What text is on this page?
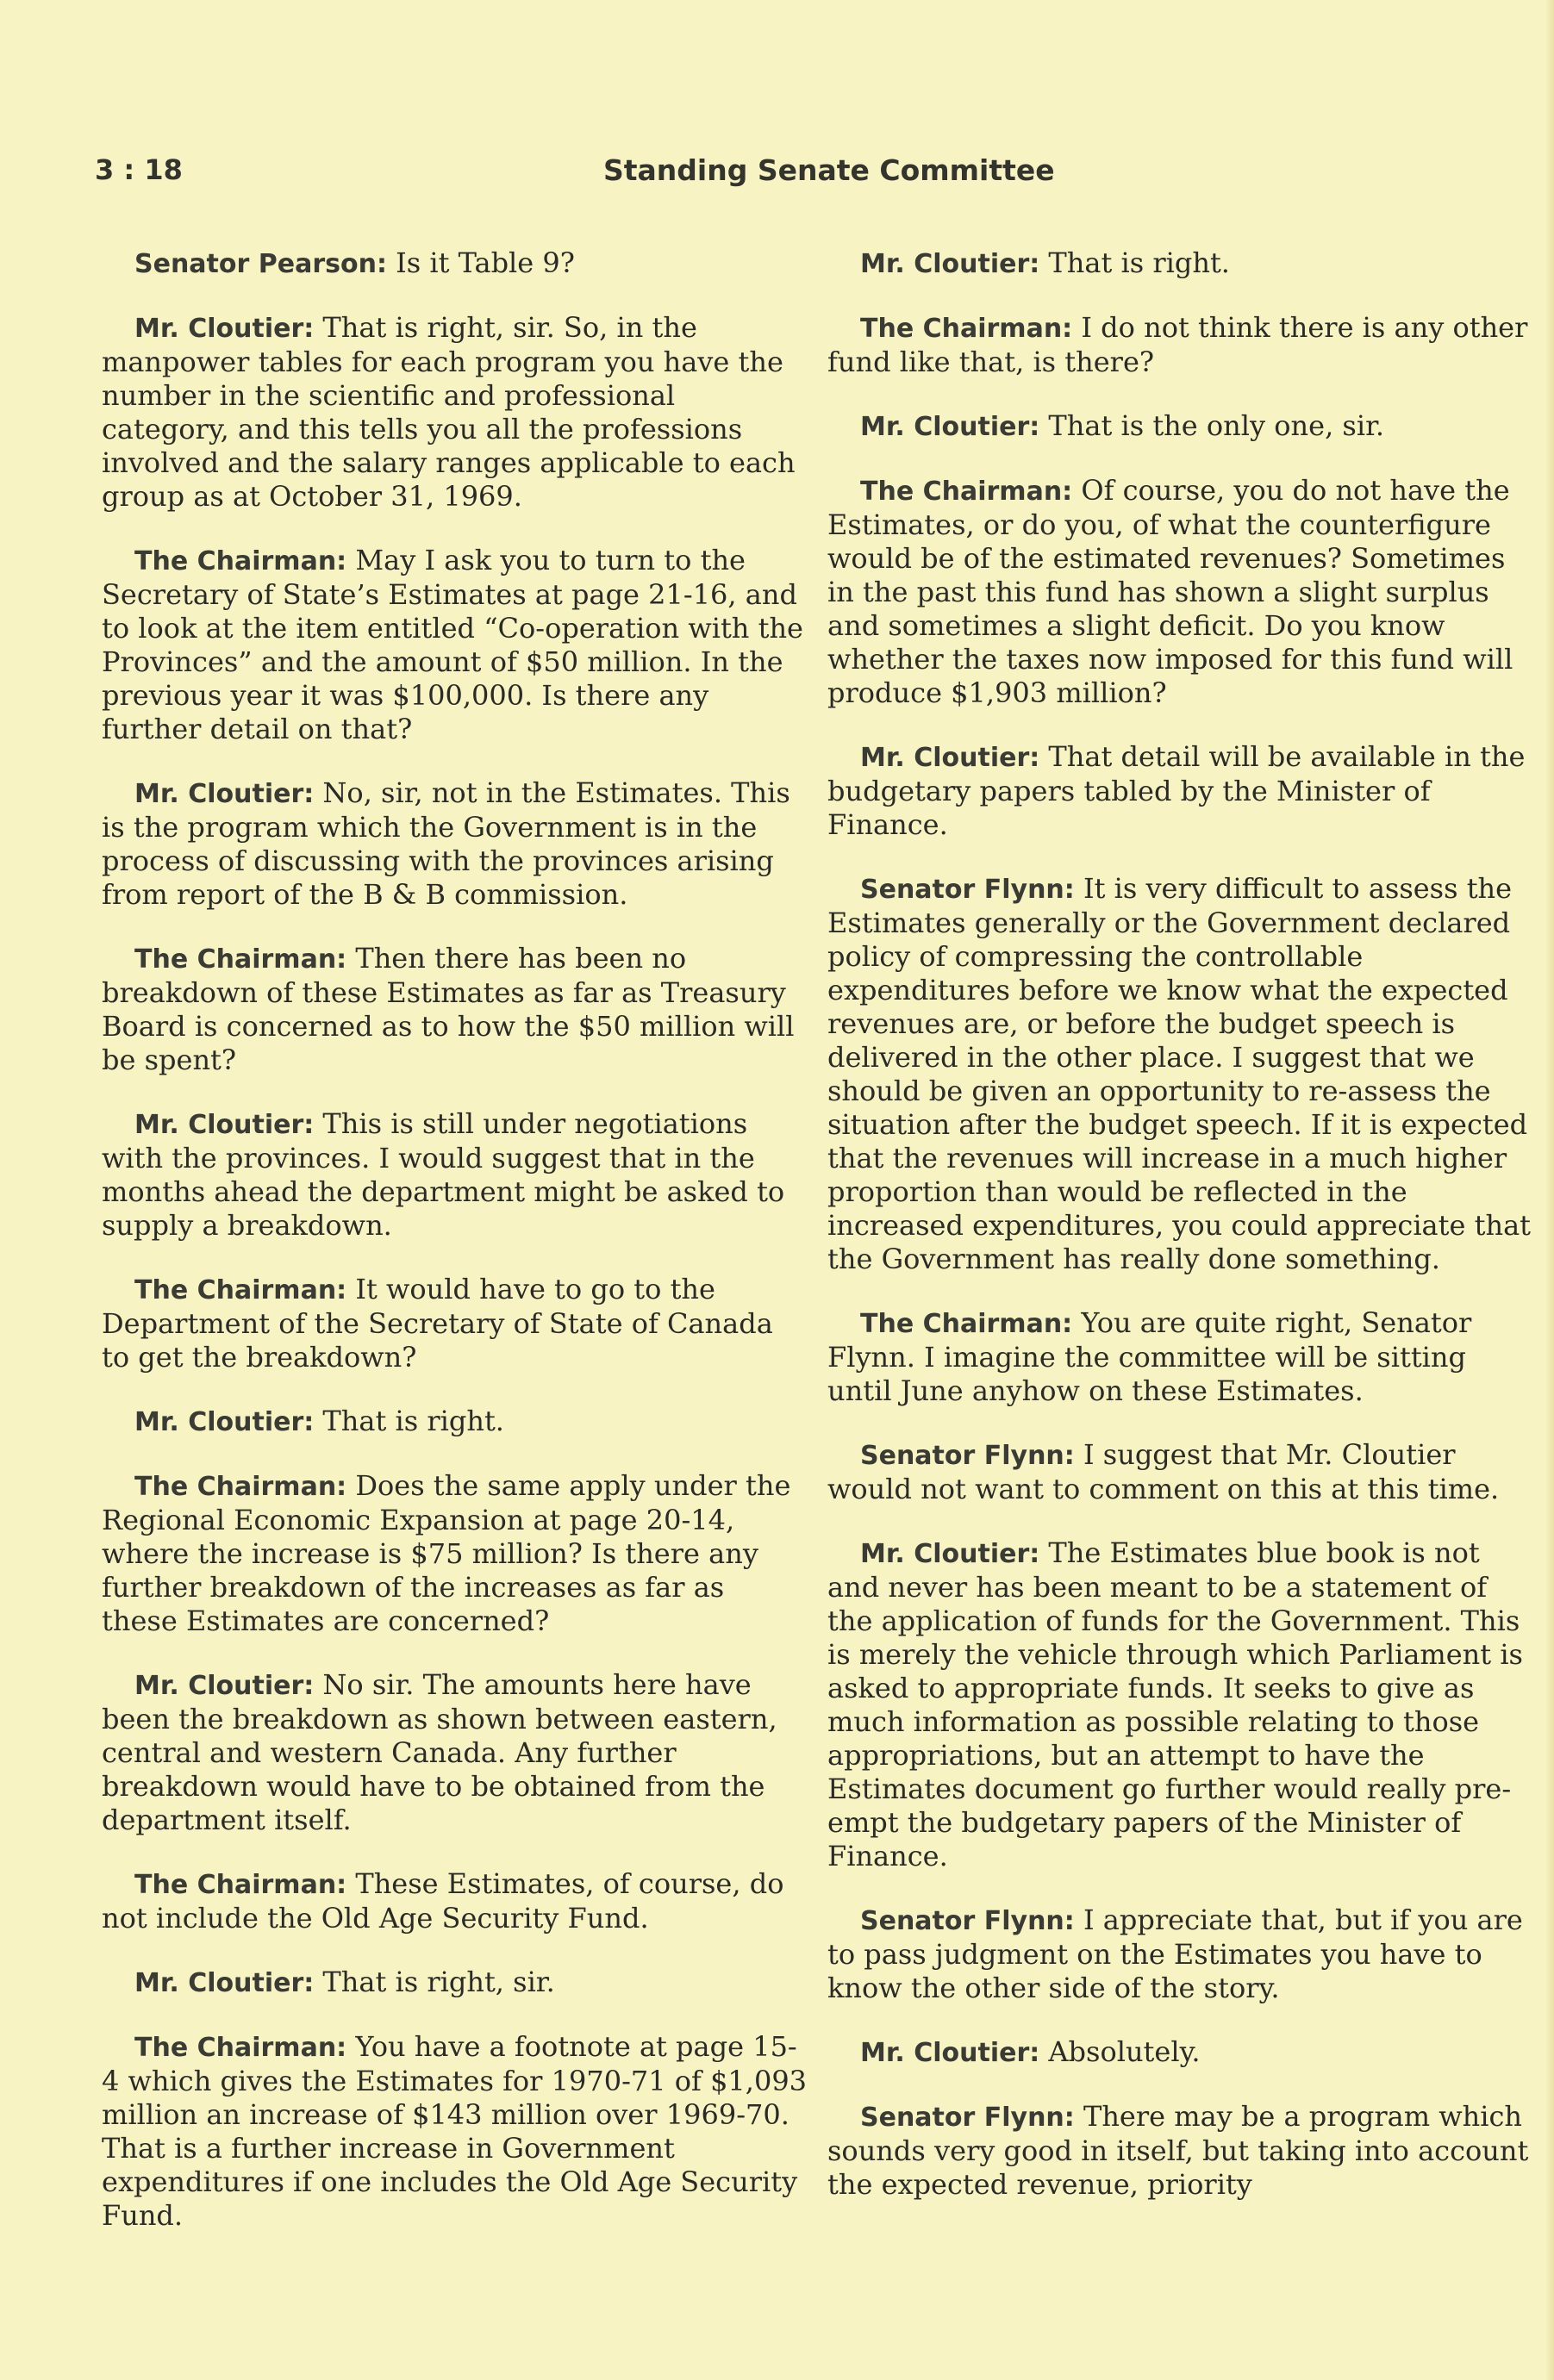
3 : 18	Standing Senate Committee

Senator Pearson: Is it Table 9?

Mr. Cloutier: That is right, sir. So, in the manpower tables for each program you have the number in the scientific and professional category, and this tells you all the professions involved and the salary ranges applicable to each group as at October 31, 1969.

The Chairman: May I ask you to turn to the Secretary of State’s Estimates at page 21-16, and to look at the item entitled “Co-operation with the Provinces” and the amount of $50 million. In the previous year it was $100,000. Is there any further detail on that?

Mr. Cloutier: No, sir, not in the Estimates. This is the program which the Government is in the process of discussing with the provinces arising from report of the B & B commission.

The Chairman: Then there has been no breakdown of these Estimates as far as Treasury Board is concerned as to how the $50 million will be spent?

Mr. Cloutier: This is still under negotiations with the provinces. I would suggest that in the months ahead the department might be asked to supply a breakdown.

The Chairman: It would have to go to the Department of the Secretary of State of Canada to get the breakdown?

Mr. Cloutier: That is right.

The Chairman: Does the same apply under the Regional Economic Expansion at page 20-14, where the increase is $75 million? Is there any further breakdown of the increases as far as these Estimates are concerned?

Mr. Cloutier: No sir. The amounts here have been the breakdown as shown between eastern, central and western Canada. Any further breakdown would have to be obtained from the department itself.

The Chairman: These Estimates, of course, do not include the Old Age Security Fund.

Mr. Cloutier: That is right, sir.

The Chairman: You have a footnote at page 15-4 which gives the Estimates for 1970-71 of $1,093 million an increase of $143 million over 1969-70. That is a further increase in Government expenditures if one includes the Old Age Security Fund.

Mr. Cloutier: That is right.

The Chairman: I do not think there is any other fund like that, is there?

Mr. Cloutier: That is the only one, sir.

The Chairman: Of course, you do not have the Estimates, or do you, of what the counterfigure would be of the estimated revenues? Sometimes in the past this fund has shown a slight surplus and sometimes a slight deficit. Do you know whether the taxes now imposed for this fund will produce $1,903 million?

Mr. Cloutier: That detail will be available in the budgetary papers tabled by the Minister of Finance.

Senator Flynn: It is very difficult to assess the Estimates generally or the Government declared policy of compressing the controllable expenditures before we know what the expected revenues are, or before the budget speech is delivered in the other place. I suggest that we should be given an opportunity to re-assess the situation after the budget speech. If it is expected that the revenues will increase in a much higher proportion than would be reflected in the increased expenditures, you could appreciate that the Government has really done something.

The Chairman: You are quite right, Senator Flynn. I imagine the committee will be sitting until June anyhow on these Estimates.

Senator Flynn: I suggest that Mr. Cloutier would not want to comment on this at this time.

Mr. Cloutier: The Estimates blue book is not and never has been meant to be a statement of the application of funds for the Government. This is merely the vehicle through which Parliament is asked to appropriate funds. It seeks to give as much information as possible relating to those appropriations, but an attempt to have the Estimates document go further would really pre-empt the budgetary papers of the Minister of Finance.

Senator Flynn: I appreciate that, but if you are to pass judgment on the Estimates you have to know the other side of the story.

Mr. Cloutier: Absolutely.

Senator Flynn: There may be a program which sounds very good in itself, but taking into account the expected revenue, priority
